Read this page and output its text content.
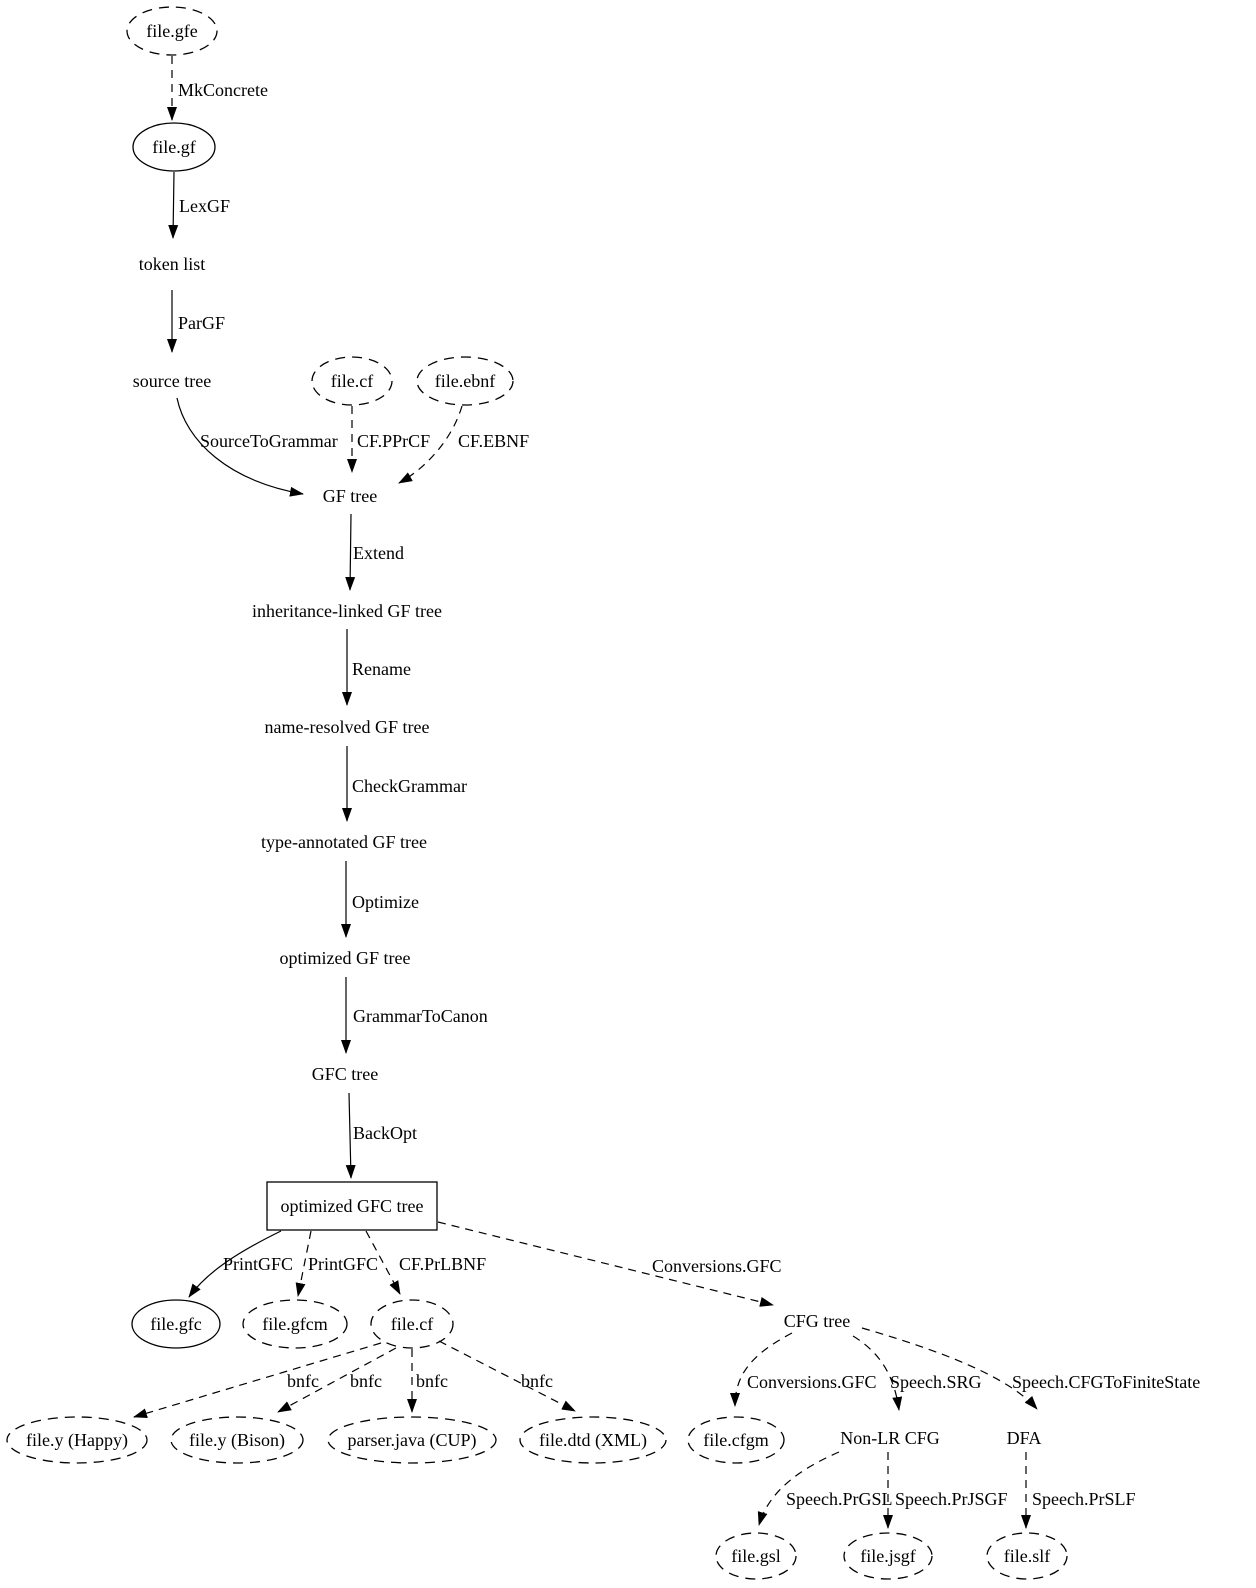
MkConcrete
LexGF
ParGF
SourceToGrammar CF.PPrCF CF.EBNF
Extend
Rename
CheckGrammar
Optimize
GrammarToCanon
BackOpt
PrintGFC PrintGFC CF.PrLBNF	Conversions.GFC
bnfc bnfc bnfc	bnfc	Conversions.GFC Speech.SRG Speech.CFGToFiniteState
Speech.PrGSL Speech.PrJSGF Speech.PrSLF
file.gfe
file.gf
token list
source tree	file.cf	file.ebnf
GF tree
inheritance-linked GF tree
name-resolved GF tree
type-annotated GF tree
optimized GF tree
GFC tree
optimized GFC tree
file.gfc	file.gfcm	file.cf	CFG tree
file.y (Happy)	file.y (Bison)	parser.java (CUP)	file.dtd (XML)	file.cfgm	Non-LR CFG	DFA
file.gsl	file.jsgf	file.slf
